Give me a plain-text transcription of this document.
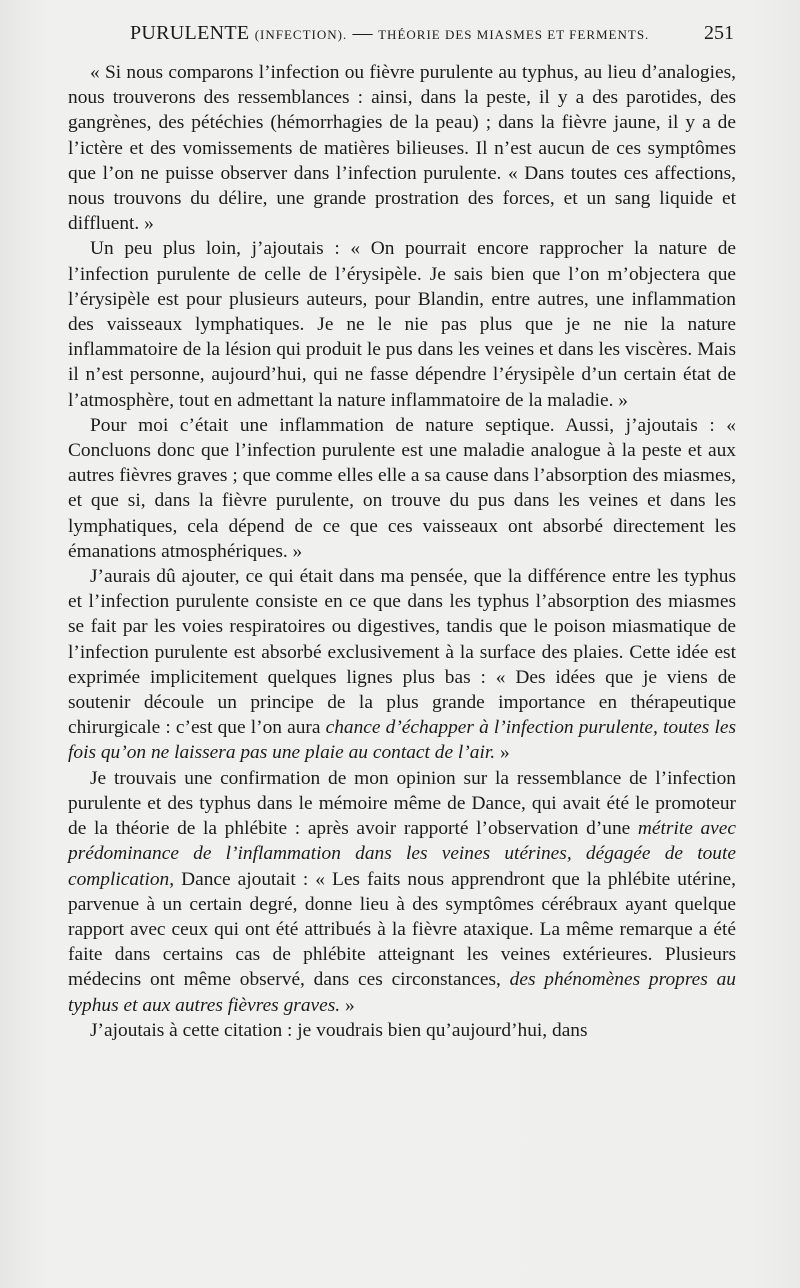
PURULENTE (INFECTION). — THÉORIE DES MIASMES ET FERMENTS.	251

« Si nous comparons l’infection ou fièvre purulente au typhus, au lieu d’analogies, nous trouverons des ressemblances : ainsi, dans la peste, il y a des parotides, des gangrènes, des pétéchies (hémorrhagies de la peau) ; dans la fièvre jaune, il y a de l’ictère et des vomissements de matières bilieuses. Il n’est aucun de ces symptômes que l’on ne puisse observer dans l’infection purulente. « Dans toutes ces affections, nous trouvons du délire, une grande prostration des forces, et un sang liquide et diffluent. »

Un peu plus loin, j’ajoutais : « On pourrait encore rapprocher la nature de l’infection purulente de celle de l’érysipèle. Je sais bien que l’on m’objectera que l’érysipèle est pour plusieurs auteurs, pour Blandin, entre autres, une inflammation des vaisseaux lymphatiques. Je ne le nie pas plus que je ne nie la nature inflammatoire de la lésion qui produit le pus dans les veines et dans les viscères. Mais il n’est personne, aujourd’hui, qui ne fasse dépendre l’érysipèle d’un certain état de l’atmosphère, tout en admettant la nature inflammatoire de la maladie. »

Pour moi c’était une inflammation de nature septique. Aussi, j’ajoutais : « Concluons donc que l’infection purulente est une maladie analogue à la peste et aux autres fièvres graves ; que comme elles elle a sa cause dans l’absorption des miasmes, et que si, dans la fièvre purulente, on trouve du pus dans les veines et dans les lymphatiques, cela dépend de ce que ces vaisseaux ont absorbé directement les émanations atmosphériques. »

J’aurais dû ajouter, ce qui était dans ma pensée, que la différence entre les typhus et l’infection purulente consiste en ce que dans les typhus l’absorption des miasmes se fait par les voies respiratoires ou digestives, tandis que le poison miasmatique de l’infection purulente est absorbé exclusivement à la surface des plaies. Cette idée est exprimée implicitement quelques lignes plus bas : « Des idées que je viens de soutenir découle un principe de la plus grande importance en thérapeutique chirurgicale : c’est que l’on aura chance d’échapper à l’infection purulente, toutes les fois qu’on ne laissera pas une plaie au contact de l’air. »

Je trouvais une confirmation de mon opinion sur la ressemblance de l’infection purulente et des typhus dans le mémoire même de Dance, qui avait été le promoteur de la théorie de la phlébite : après avoir rapporté l’observation d’une métrite avec prédominance de l’inflammation dans les veines utérines, dégagée de toute complication, Dance ajoutait : « Les faits nous apprendront que la phlébite utérine, parvenue à un certain degré, donne lieu à des symptômes cérébraux ayant quelque rapport avec ceux qui ont été attribués à la fièvre ataxique. La même remarque a été faite dans certains cas de phlébite atteignant les veines extérieures. Plusieurs médecins ont même observé, dans ces circonstances, des phénomènes propres au typhus et aux autres fièvres graves. »

J’ajoutais à cette citation : je voudrais bien qu’aujourd’hui, dans
